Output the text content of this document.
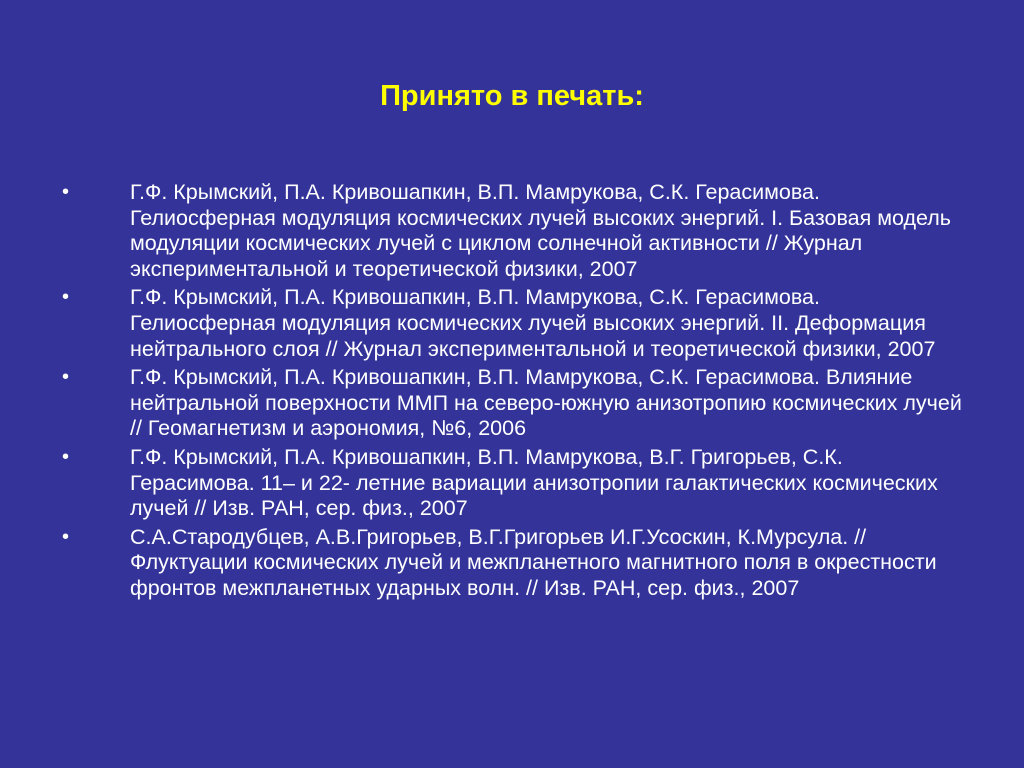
Принято в печать:
•	Г.Ф. Крымский, П.А. Кривошапкин, В.П. Мамрукова, С.К. Герасимова. Гелиосферная модуляция космических лучей высоких энергий. I. Базовая модель модуляции космических лучей с циклом солнечной активности // Журнал экспериментальной и теоретической физики, 2007
•	Г.Ф. Крымский, П.А. Кривошапкин, В.П. Мамрукова, С.К. Герасимова. Гелиосферная модуляция космических лучей высоких энергий. II. Деформация нейтрального слоя // Журнал экспериментальной и теоретической физики, 2007
•	Г.Ф. Крымский, П.А. Кривошапкин, В.П. Мамрукова, С.К. Герасимова. Влияние нейтральной поверхности ММП на северо-южную анизотропию космических лучей // Геомагнетизм и аэрономия, №6, 2006
•	Г.Ф. Крымский, П.А. Кривошапкин, В.П. Мамрукова, В.Г. Григорьев, С.К. Герасимова. 11– и 22- летние вариации анизотропии галактических космических лучей // Изв. РАН, сер. физ., 2007
•	С.А.Стародубцев, А.В.Григорьев, В.Г.Григорьев И.Г.Усоскин, К.Мурсула. //Флуктуации космических лучей и межпланетного магнитного поля в окрестности фронтов межпланетных ударных волн. // Изв. РАН, сер. физ., 2007
